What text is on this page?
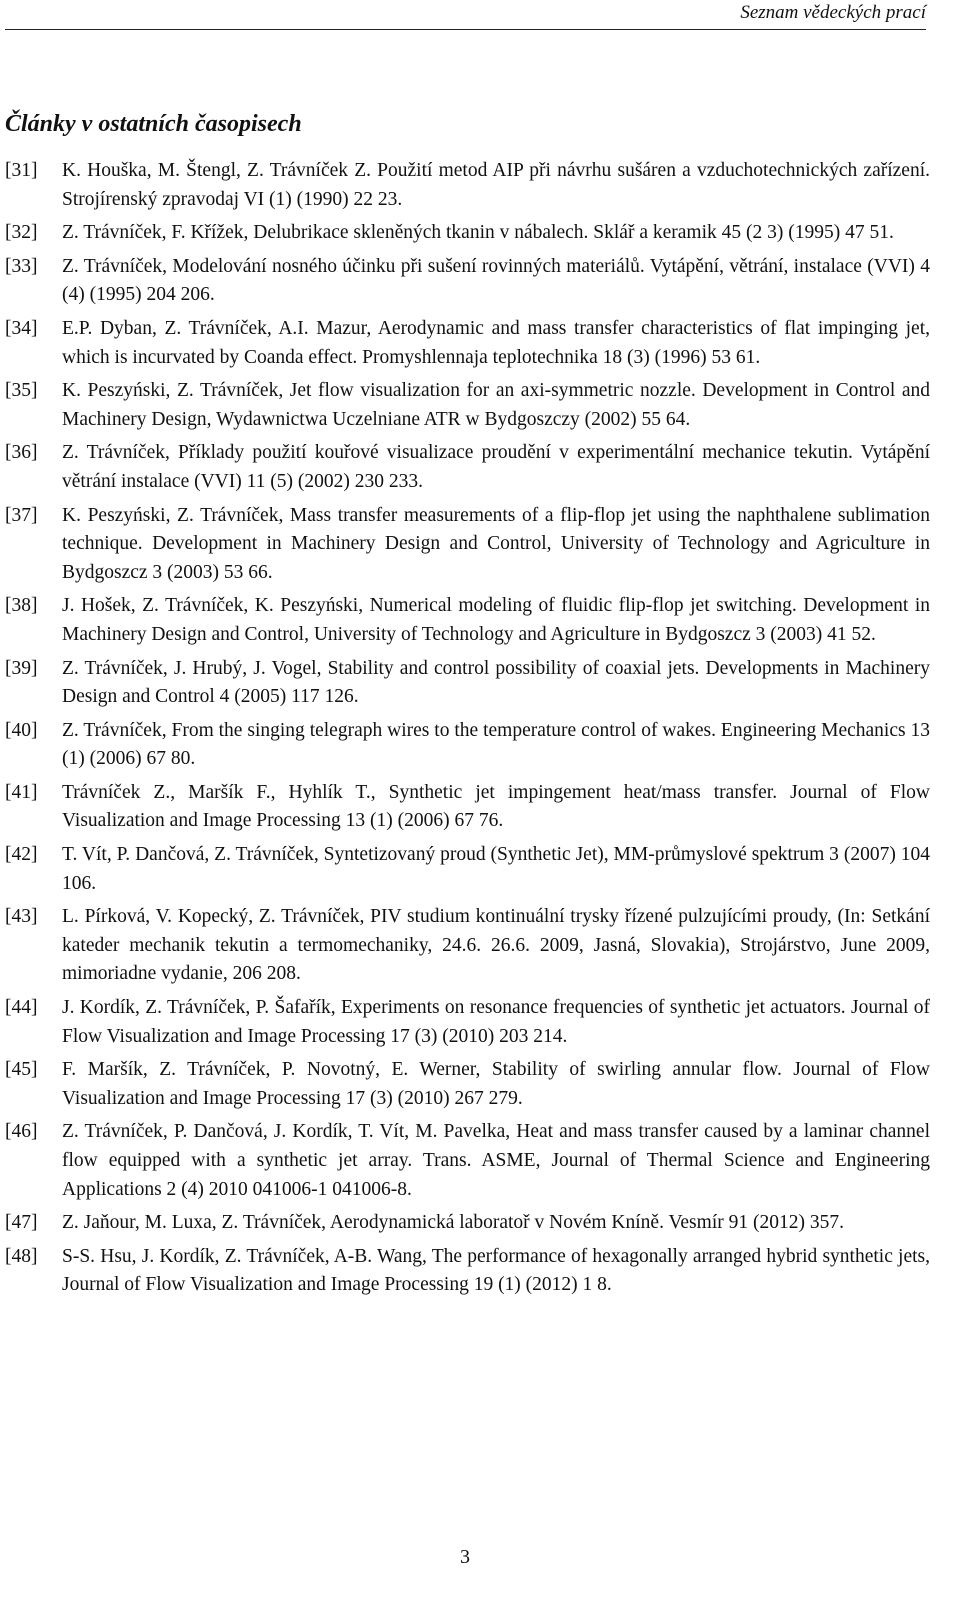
Seznam vědeckých prací
Články v ostatních časopisech
[31]	K. Houška, M. Štengl, Z. Trávníček Z. Použití metod AIP při návrhu sušáren a vzduchotechnických zařízení. Strojírenský zpravodaj VI (1) (1990) 22 23.
[32]	Z. Trávníček, F. Křížek, Delubrikace skleněných tkanin v nábalech. Sklář a keramik 45 (2 3) (1995) 47 51.
[33]	Z. Trávníček, Modelování nosného účinku při sušení rovinných materiálů. Vytápění, větrání, instalace (VVI) 4 (4) (1995) 204 206.
[34]	E.P. Dyban, Z. Trávníček, A.I. Mazur, Aerodynamic and mass transfer characteristics of flat impinging jet, which is incurvated by Coanda effect. Promyshlennaja teplotechnika 18 (3) (1996) 53 61.
[35]	K. Peszyński, Z. Trávníček, Jet flow visualization for an axi-symmetric nozzle. Development in Control and Machinery Design, Wydawnictwa Uczelniane ATR w Bydgoszczy (2002) 55 64.
[36]	Z. Trávníček, Příklady použití kouřové visualizace proudění v experimentální mechanice tekutin. Vytápění větrání instalace (VVI) 11 (5) (2002) 230 233.
[37]	K. Peszyński, Z. Trávníček, Mass transfer measurements of a flip-flop jet using the naphthalene sublimation technique. Development in Machinery Design and Control, University of Technology and Agriculture in Bydgoszcz 3 (2003) 53 66.
[38]	J. Hošek, Z. Trávníček, K. Peszyński, Numerical modeling of fluidic flip-flop jet switching. Development in Machinery Design and Control, University of Technology and Agriculture in Bydgoszcz 3 (2003) 41 52.
[39]	Z. Trávníček, J. Hrubý, J. Vogel, Stability and control possibility of coaxial jets. Developments in Machinery Design and Control 4 (2005) 117 126.
[40]	Z. Trávníček, From the singing telegraph wires to the temperature control of wakes. Engineering Mechanics 13 (1) (2006) 67 80.
[41]	Trávníček Z., Maršík F., Hyhlík T., Synthetic jet impingement heat/mass transfer. Journal of Flow Visualization and Image Processing 13 (1) (2006) 67 76.
[42]	T. Vít, P. Dančová, Z. Trávníček, Syntetizovaný proud (Synthetic Jet), MM-průmyslové spektrum 3 (2007) 104 106.
[43]	L. Pírková, V. Kopecký, Z. Trávníček, PIV studium kontinuální trysky řízené pulzujícími proudy, (In: Setkání kateder mechanik tekutin a termomechaniky, 24.6. 26.6. 2009, Jasná, Slovakia), Strojárstvo, June 2009, mimoriadne vydanie, 206 208.
[44]	J. Kordík, Z. Trávníček, P. Šafařík, Experiments on resonance frequencies of synthetic jet actuators. Journal of Flow Visualization and Image Processing 17 (3) (2010) 203 214.
[45]	F. Maršík, Z. Trávníček, P. Novotný, E. Werner, Stability of swirling annular flow. Journal of Flow Visualization and Image Processing 17 (3) (2010) 267 279.
[46]	Z. Trávníček, P. Dančová, J. Kordík, T. Vít, M. Pavelka, Heat and mass transfer caused by a laminar channel flow equipped with a synthetic jet array. Trans. ASME, Journal of Thermal Science and Engineering Applications 2 (4) 2010 041006-1 041006-8.
[47]	Z. Jaňour, M. Luxa, Z. Trávníček, Aerodynamická laboratoř v Novém Kníně. Vesmír 91 (2012) 357.
[48]	S-S. Hsu, J. Kordík, Z. Trávníček, A-B. Wang, The performance of hexagonally arranged hybrid synthetic jets, Journal of Flow Visualization and Image Processing 19 (1) (2012) 1 8.
3
